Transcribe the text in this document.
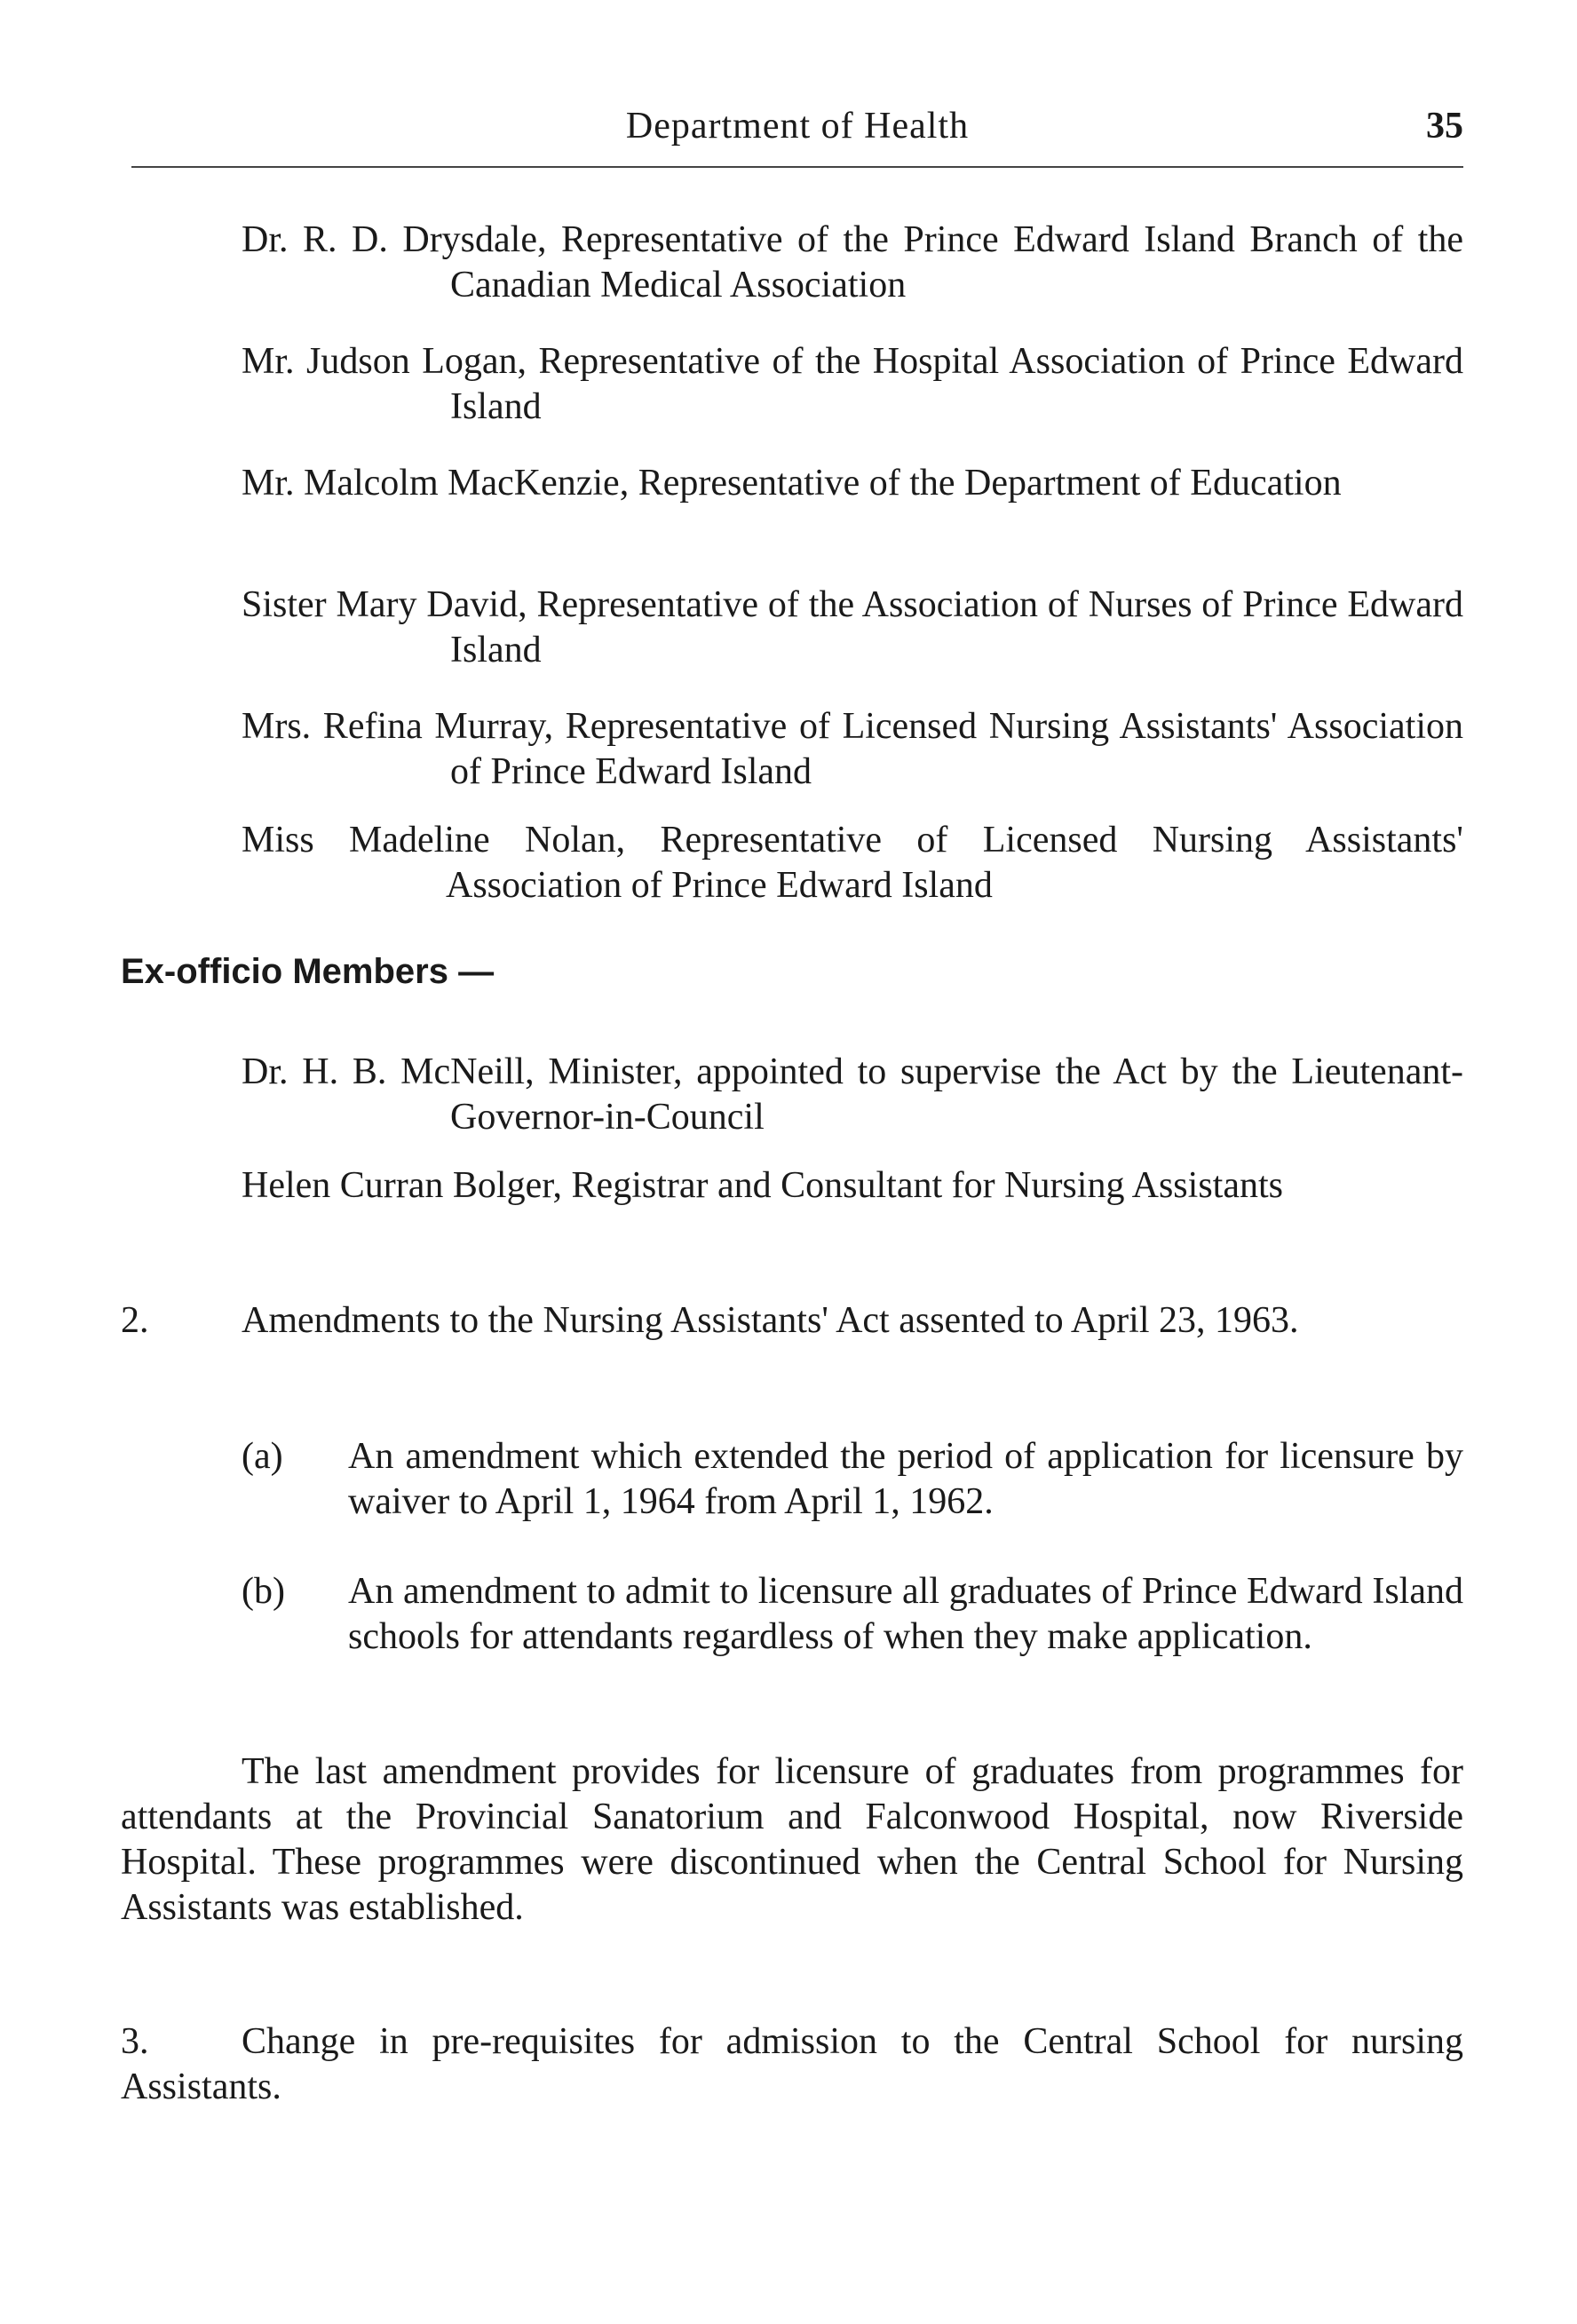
Department of Health	35
Dr. R. D. Drysdale, Representative of the Prince Edward Island Branch of the Canadian Medical Association
Mr. Judson Logan, Representative of the Hospital Association of Prince Edward Island
Mr. Malcolm MacKenzie, Representative of the Department of Education
Sister Mary David, Representative of the Association of Nurses of Prince Edward Island
Mrs. Refina Murray, Representative of Licensed Nursing Assistants' Association of Prince Edward Island
Miss Madeline Nolan, Representative of Licensed Nursing Assistants' Association of Prince Edward Island
Ex-officio Members —
Dr. H. B. McNeill, Minister, appointed to supervise the Act by the Lieutenant-Governor-in-Council
Helen Curran Bolger, Registrar and Consultant for Nursing Assistants
2. Amendments to the Nursing Assistants' Act assented to April 23, 1963.
(a) An amendment which extended the period of application for licensure by waiver to April 1, 1964 from April 1, 1962.
(b) An amendment to admit to licensure all graduates of Prince Edward Island schools for attendants regardless of when they make application.
The last amendment provides for licensure of graduates from programmes for attendants at the Provincial Sanatorium and Falconwood Hospital, now Riverside Hospital. These programmes were discontinued when the Central School for Nursing Assistants was established.
3. Change in pre-requisites for admission to the Central School for nursing Assistants.
